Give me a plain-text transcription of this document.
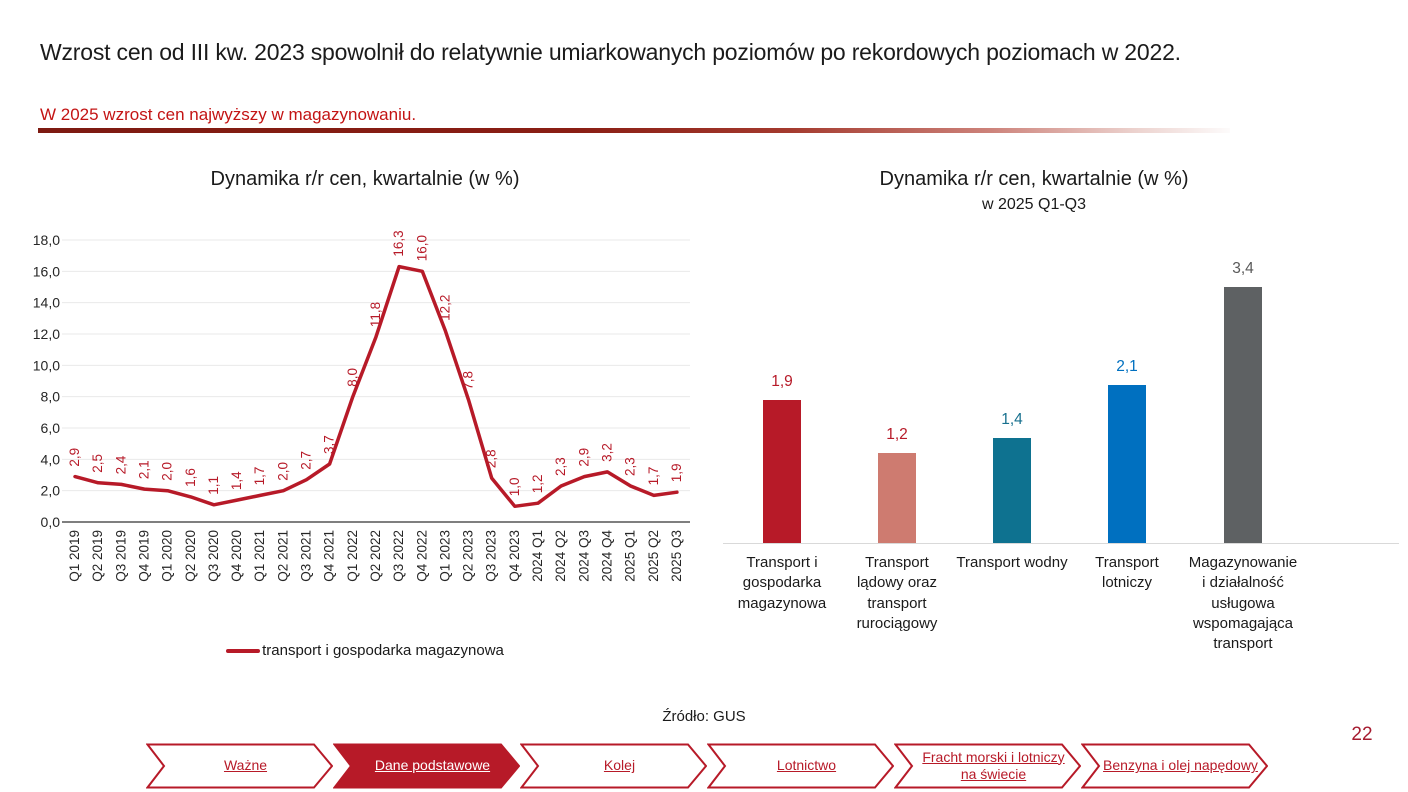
Wzrost cen od III kw. 2023 spowolnił do relatywnie umiarkowanych poziomów po rekordowych poziomach w 2022.
W 2025 wzrost cen najwyższy w magazynowaniu.
Dynamika r/r cen, kwartalnie (w %)
0,0
2,0
4,0
6,0
8,0
10,0
12,0
14,0
16,0
18,0
Q1 2019 Q2 2019 Q3 2019 Q4 2019 Q1 2020 Q2 2020 Q3 2020 Q4 2020 Q1 2021 Q2 2021 Q3 2021 Q4 2021 Q1 2022 Q2 2022 Q3 2022 Q4 2022 Q1 2023 Q2 2023 Q3 2023 Q4 2023 2024 Q1 2024 Q2 2024 Q3 2024 Q4 2025 Q1 2025 Q2 2025 Q3
2,9 2,5 2,4 2,1 2,0 1,6 1,1 1,4 1,7 2,0
2,7
3,7
8,0
11,8
16,3 16,0
12,2
7,8
2,8
1,0 1,2
2,3
2,9 3,2
2,3
1,7 1,9
transport i gospodarka magazynowa
Dynamika r/r cen, kwartalnie (w %)
w 2025 Q1-Q3
1,9
Transport i gospodarka magazynowa
1,2
Transport lądowy oraz transport rurociągowy
1,4
Transport wodny
2,1
Transport lotniczy
3,4
Magazynowanie i działalność usługowa wspomagająca transport
Źródło: GUS
22
Ważne	Dane podstawowe	Kolej	Lotnictwo
Fracht morski i lotniczy na świecie
Benzyna i olej napędowy
